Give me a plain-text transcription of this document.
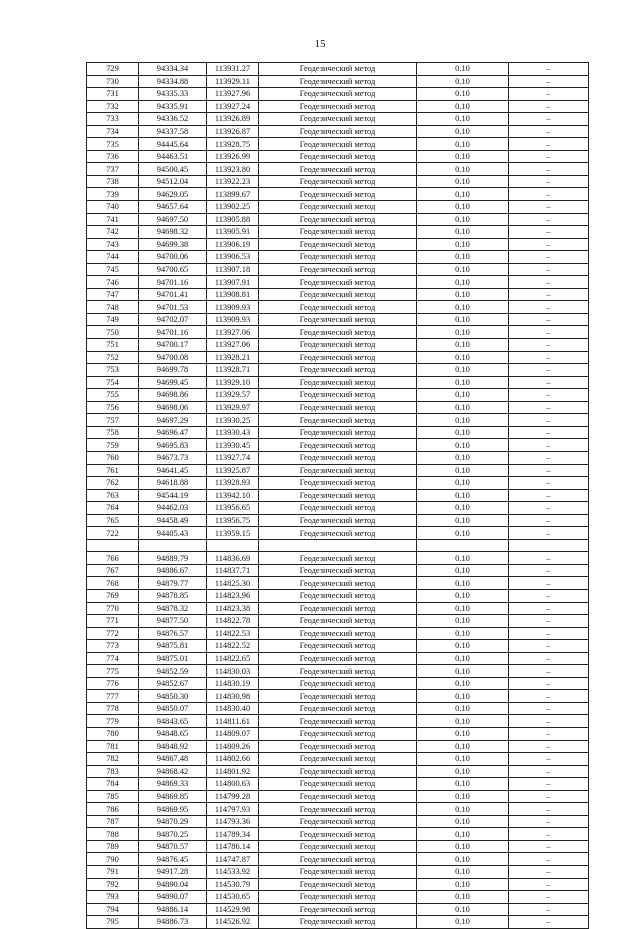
15
729	94334.34	113931.27	Геодезический метод	0.10	–
730	94334.88	113929.11	Геодезический метод	0.10	–
731	94335.33	113927.96	Геодезический метод	0.10	–
732	94335.91	113927.24	Геодезический метод	0.10	–
733	94336.52	113926.89	Геодезический метод	0.10	–
734	94337.58	113926.87	Геодезический метод	0.10	–
735	94445.64	113928.75	Геодезический метод	0.10	–
736	94463.51	113926.99	Геодезический метод	0.10	–
737	94500.45	113923.80	Геодезический метод	0.10	–
738	94512.04	113922.23	Геодезический метод	0.10	–
739	94629.05	113899.67	Геодезический метод	0.10	–
740	94657.64	113902.25	Геодезический метод	0.10	–
741	94697.50	113905.88	Геодезический метод	0.10	–
742	94698.32	113905.91	Геодезический метод	0.10	–
743	94699.38	113906.19	Геодезический метод	0.10	–
744	94700.06	113906.53	Геодезический метод	0.10	–
745	94700.65	113907.18	Геодезический метод	0.10	–
746	94701.16	113907.91	Геодезический метод	0.10	–
747	94701.41	113908.81	Геодезический метод	0.10	–
748	94701.53	113909.93	Геодезический метод	0.10	–
749	94702.07	113909.93	Геодезический метод	0.10	–
750	94701.16	113927.06	Геодезический метод	0.10	–
751	94700.17	113927.06	Геодезический метод	0.10	–
752	94700.08	113928.21	Геодезический метод	0.10	–
753	94699.78	113928.71	Геодезический метод	0.10	–
754	94699.45	113929.10	Геодезический метод	0.10	–
755	94698.86	113929.57	Геодезический метод	0.10	–
756	94698.06	113929.97	Геодезический метод	0.10	–
757	94697.29	113930.25	Геодезический метод	0.10	–
758	94696.47	113930.43	Геодезический метод	0.10	–
759	94695.83	113930.45	Геодезический метод	0.10	–
760	94673.73	113927.74	Геодезический метод	0.10	–
761	94641.45	113925.87	Геодезический метод	0.10	–
762	94618.88	113928.93	Геодезический метод	0.10	–
763	94544.19	113942.10	Геодезический метод	0.10	–
764	94462.03	113956.65	Геодезический метод	0.10	–
765	94458.49	113956.75	Геодезический метод	0.10	–
722	94405.43	113959.15	Геодезический метод	0.10	–

766	94889.79	114836.69	Геодезический метод	0.10	–
767	94886.67	114837.71	Геодезический метод	0.10	–
768	94879.77	114825.30	Геодезический метод	0.10	–
769	94878.85	114823.96	Геодезический метод	0.10	–
770	94878.32	114823.38	Геодезический метод	0.10	–
771	94877.50	114822.78	Геодезический метод	0.10	–
772	94876.57	114822.53	Геодезический метод	0.10	–
773	94875.81	114822.52	Геодезический метод	0.10	–
774	94875.01	114822.65	Геодезический метод	0.10	–
775	94852.59	114830.03	Геодезический метод	0.10	–
776	94852.67	114830.19	Геодезический метод	0.10	–
777	94850.30	114830.98	Геодезический метод	0.10	–
778	94850.07	114830.40	Геодезический метод	0.10	–
779	94843.65	114811.61	Геодезический метод	0.10	–
780	94848.65	114809.07	Геодезический метод	0.10	–
781	94848.92	114809.26	Геодезический метод	0.10	–
782	94867.48	114802.66	Геодезический метод	0.10	–
783	94868.42	114801.92	Геодезический метод	0.10	–
784	94869.33	114800.63	Геодезический метод	0.10	–
785	94869.85	114799.28	Геодезический метод	0.10	–
786	94869.95	114797.93	Геодезический метод	0.10	–
787	94870.29	114793.36	Геодезический метод	0.10	–
788	94870.25	114789.34	Геодезический метод	0.10	–
789	94870.57	114786.14	Геодезический метод	0.10	–
790	94876.45	114747.87	Геодезический метод	0.10	–
791	94917.28	114533.92	Геодезический метод	0.10	–
792	94890.04	114530.79	Геодезический метод	0.10	–
793	94890.07	114530.65	Геодезический метод	0.10	–
794	94886.14	114529.98	Геодезический метод	0.10	–
795	94886.73	114526.92	Геодезический метод	0.10	–
